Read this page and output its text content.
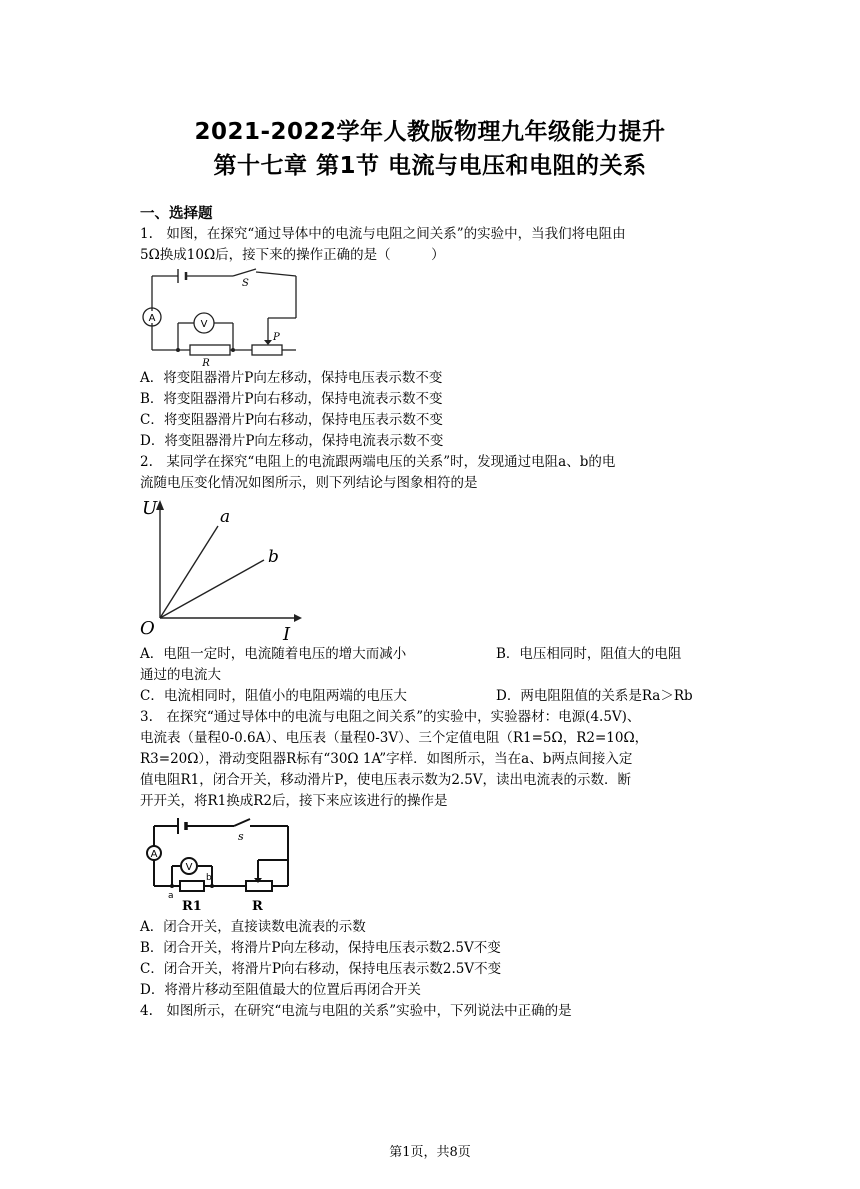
2021-2022学年人教版物理九年级能力提升
第十七章 第1节 电流与电压和电阻的关系
一、选择题
1.　如图，在探究“通过导体中的电流与电阻之间关系”的实验中，当我们将电阻由
5Ω换成10Ω后，接下来的操作正确的是（　　　）
A
V
S
R
P
A．将变阻器滑片P向左移动，保持电压表示数不变
B．将变阻器滑片P向右移动，保持电流表示数不变
C．将变阻器滑片P向右移动，保持电压表示数不变
D．将变阻器滑片P向左移动，保持电流表示数不变
2.　某同学在探究“电阻上的电流跟两端电压的关系”时，发现通过电阻a、b的电
流随电压变化情况如图所示，则下列结论与图象相符的是
U
I
O
a
b
A．电阻一定时，电流随着电压的增大而减小	B．电压相同时，阻值大的电阻
通过的电流大
C．电流相同时，阻值小的电阻两端的电压大	D．两电阻阻值的关系是Ra＞Rb
3.　在探究“通过导体中的电流与电阻之间关系”的实验中，实验器材：电源(4.5V)、
电流表（量程0-0.6A）、电压表（量程0-3V）、三个定值电阻（R1=5Ω，R2=10Ω，
R3=20Ω），滑动变阻器R标有“30Ω 1A”字样．如图所示，当在a、b两点间接入定
值电阻R1，闭合开关，移动滑片P，使电压表示数为2.5V，读出电流表的示数．断
开开关，将R1换成R2后，接下来应该进行的操作是
A
V
s
a
b
R1	R
A．闭合开关，直接读数电流表的示数
B．闭合开关，将滑片P向左移动，保持电压表示数2.5V不变
C．闭合开关，将滑片P向右移动，保持电压表示数2.5V不变
D．将滑片移动至阻值最大的位置后再闭合开关
4.　如图所示，在研究“电流与电阻的关系”实验中，下列说法中正确的是
第1页，共8页
